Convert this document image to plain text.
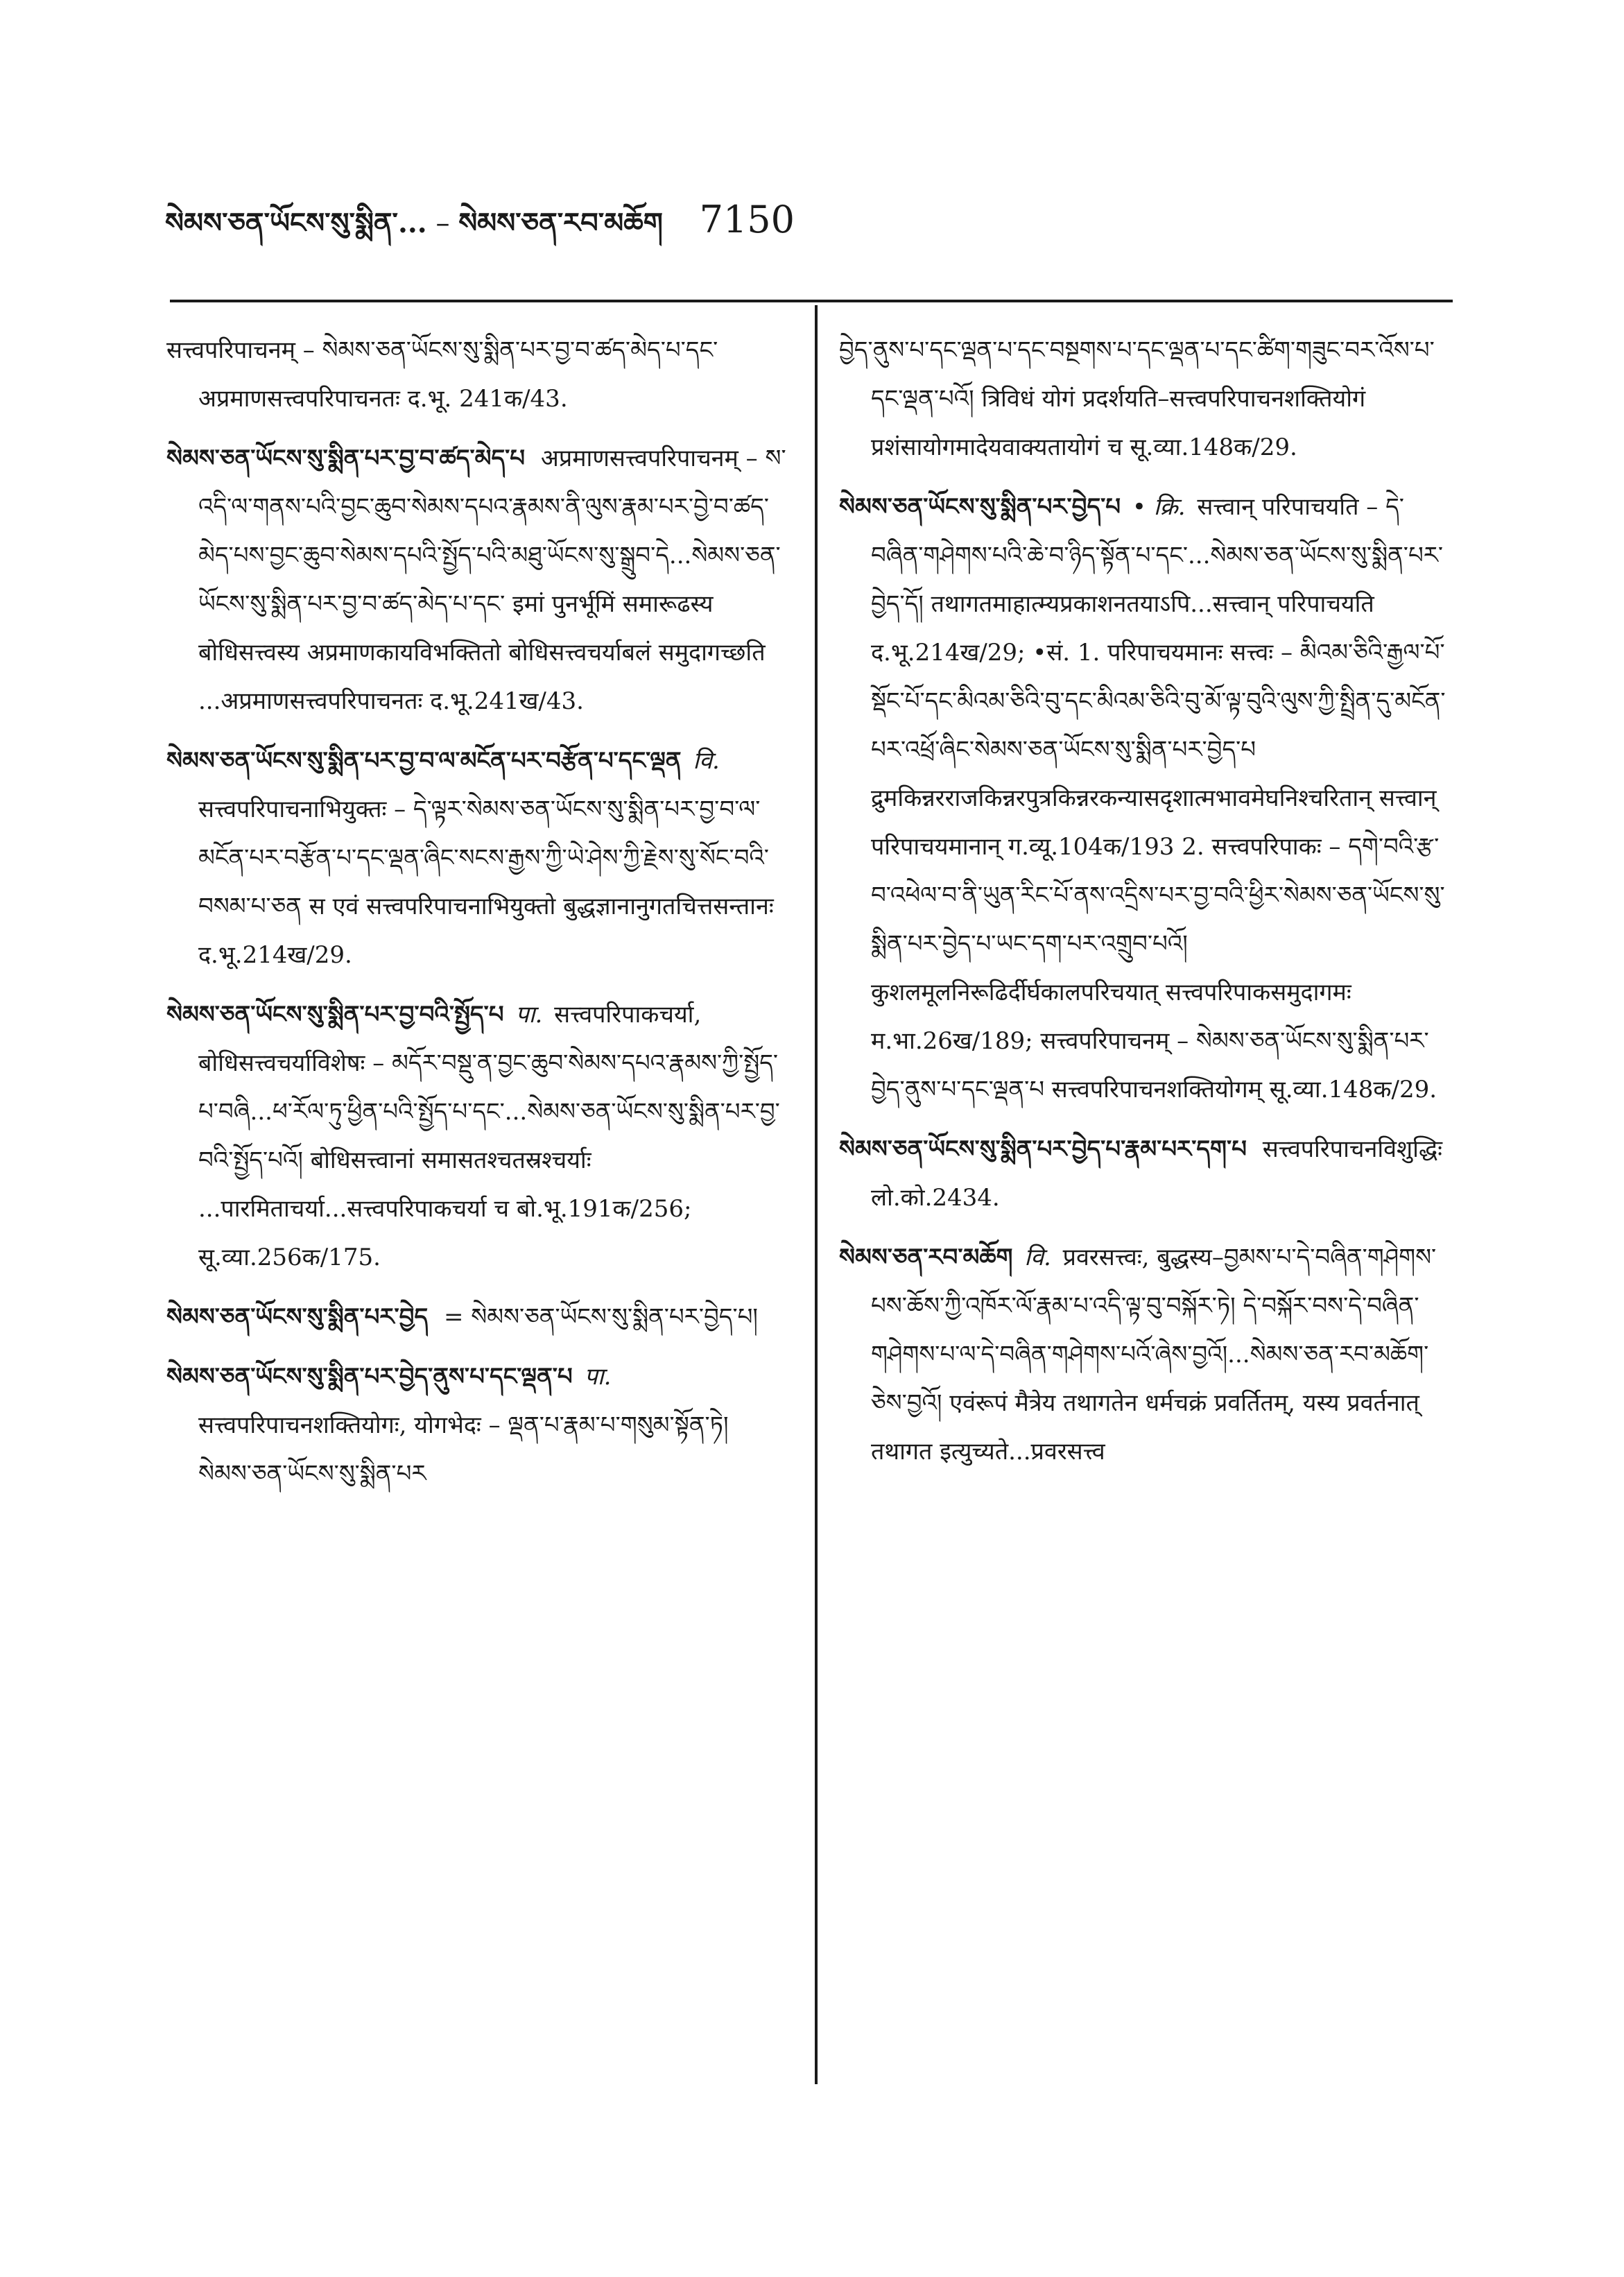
སེམས་ཅན་ཡོངས་སུ་སྨིན་... – སེམས་ཅན་རབ་མཆོག 7150
सत्त्वपरिपाचनम् – སེམས་ཅན་ཡོངས་སུ་སྨིན་པར་བྱ་བ་ཚད་མེད་པ་དང་ अप्रमाणसत्त्वपरिपाचनतः द.भू. 241क/43.
སེམས་ཅན་ཡོངས་སུ་སྨིན་པར་བྱ་བ་ཚད་མེད་པ अप्रमाणसत्त्वपरिपाचनम् – ས་འདི་ལ་གནས་པའི་བྱང་ཆུབ་སེམས་དཔའ་རྣམས་ནི་ལུས་རྣམ་པར་བྱེ་བ་ཚད་མེད་པས་བྱང་ཆུབ་སེམས་དཔའི་སྤྱོད་པའི་མཐུ་ཡོངས་སུ་སྒྲུབ་དེ...སེམས་ཅན་ཡོངས་སུ་སྨིན་པར་བྱ་བ་ཚད་མེད་པ་དང་ इमां पुनर्भूमिं समारूढस्य बोधिसत्त्वस्य अप्रमाणकायविभक्तितो बोधिसत्त्वचर्याबलं समुदागच्छति ...अप्रमाणसत्त्वपरिपाचनतः द.भू.241ख/43.
སེམས་ཅན་ཡོངས་སུ་སྨིན་པར་བྱ་བ་ལ་མངོན་པར་བརྩོན་པ་དང་ལྡན वि. सत्त्वपरिपाचनाभियुक्तः – དེ་ལྟར་སེམས་ཅན་ཡོངས་སུ་སྨིན་པར་བྱ་བ་ལ་མངོན་པར་བརྩོན་པ་དང་ལྡན་ཞིང་སངས་རྒྱས་ཀྱི་ཡེ་ཤེས་ཀྱི་རྗེས་སུ་སོང་བའི་བསམ་པ་ཅན स एवं सत्त्वपरिपाचनाभियुक्तो बुद्धज्ञानानुगतचित्तसन्तानः द.भू.214ख/29.
སེམས་ཅན་ཡོངས་སུ་སྨིན་པར་བྱ་བའི་སྤྱོད་པ पा. सत्त्वपरिपाकचर्या, बोधिसत्त्वचर्याविशेषः – མདོར་བསྡུ་ན་བྱང་ཆུབ་སེམས་དཔའ་རྣམས་ཀྱི་སྤྱོད་པ་བཞི...ཕ་རོལ་ཏུ་ཕྱིན་པའི་སྤྱོད་པ་དང་...སེམས་ཅན་ཡོངས་སུ་སྨིན་པར་བྱ་བའི་སྤྱོད་པའོ། बोधिसत्त्वानां समासतश्चतस्रश्चर्याः ...पारमिताचर्या...सत्त्वपरिपाकचर्या च बो.भू.191क/256; सू.व्या.256क/175.
སེམས་ཅན་ཡོངས་སུ་སྨིན་པར་བྱེད = སེམས་ཅན་ཡོངས་སུ་སྨིན་པར་བྱེད་པ།
སེམས་ཅན་ཡོངས་སུ་སྨིན་པར་བྱེད་ནུས་པ་དང་ལྡན་པ पा. सत्त्वपरिपाचनशक्तियोगः, योगभेदः – ལྡན་པ་རྣམ་པ་གསུམ་སྟོན་ཏེ། སེམས་ཅན་ཡོངས་སུ་སྨིན་པར
བྱེད་ནུས་པ་དང་ལྡན་པ་དང་བསྔགས་པ་དང་ལྡན་པ་དང་ཚིག་གཟུང་བར་འོས་པ་དང་ལྡན་པའོ། त्रिविधं योगं प्रदर्शयति–सत्त्वपरिपाचनशक्तियोगं प्रशंसायोगमादेयवाक्यतायोगं च सू.व्या.148क/29.
སེམས་ཅན་ཡོངས་སུ་སྨིན་པར་བྱེད་པ • क्रि. सत्त्वान् परिपाचयति – དེ་བཞིན་གཤེགས་པའི་ཆེ་བ་ཉིད་སྟོན་པ་དང་...སེམས་ཅན་ཡོངས་སུ་སྨིན་པར་བྱེད་དོ། तथागतमाहात्म्यप्रकाशनतयाऽपि...सत्त्वान् परिपाचयति द.भू.214ख/29; •सं. 1. परिपाचयमानः सत्त्वः – མིའམ་ཅིའི་རྒྱལ་པོ་སྡོང་པོ་དང་མིའམ་ཅིའི་བུ་དང་མིའམ་ཅིའི་བུ་མོ་ལྟ་བུའི་ལུས་ཀྱི་སྤྲིན་དུ་མངོན་པར་འཕྲོ་ཞིང་སེམས་ཅན་ཡོངས་སུ་སྨིན་པར་བྱེད་པ द्रुमकिन्नरराजकिन्नरपुत्रकिन्नरकन्यासदृशात्मभावमेघनिश्चरितान् सत्त्वान् परिपाचयमानान् ग.व्यू.104क/193 2. सत्त्वपरिपाकः – དགེ་བའི་རྩ་བ་འཕེལ་བ་ནི་ཡུན་རིང་པོ་ནས་འདྲིས་པར་བྱ་བའི་ཕྱིར་སེམས་ཅན་ཡོངས་སུ་སྨིན་པར་བྱེད་པ་ཡང་དག་པར་འགྲུབ་པའོ། कुशलमूलनिरूढिर्दीर्घकालपरिचयात् सत्त्वपरिपाकसमुदागमः म.भा.26ख/189; सत्त्वपरिपाचनम् – སེམས་ཅན་ཡོངས་སུ་སྨིན་པར་བྱེད་ནུས་པ་དང་ལྡན་པ सत्त्वपरिपाचनशक्तियोगम् सू.व्या.148क/29.
སེམས་ཅན་ཡོངས་སུ་སྨིན་པར་བྱེད་པ་རྣམ་པར་དག་པ सत्त्वपरिपाचनविशुद्धिः लो.को.2434.
སེམས་ཅན་རབ་མཆོག वि. प्रवरसत्त्वः, बुद्धस्य–བྱམས་པ་དེ་བཞིན་གཤེགས་པས་ཆོས་ཀྱི་འཁོར་ལོ་རྣམ་པ་འདི་ལྟ་བུ་བསྐོར་ཏེ། དེ་བསྐོར་བས་དེ་བཞིན་གཤེགས་པ་ལ་དེ་བཞིན་གཤེགས་པའོ་ཞེས་བྱའོ།...སེམས་ཅན་རབ་མཆོག་ཅེས་བྱའོ། एवंरूपं मैत्रेय तथागतेन धर्मचक्रं प्रवर्तितम्, यस्य प्रवर्तनात् तथागत इत्युच्यते...प्रवरसत्त्व
